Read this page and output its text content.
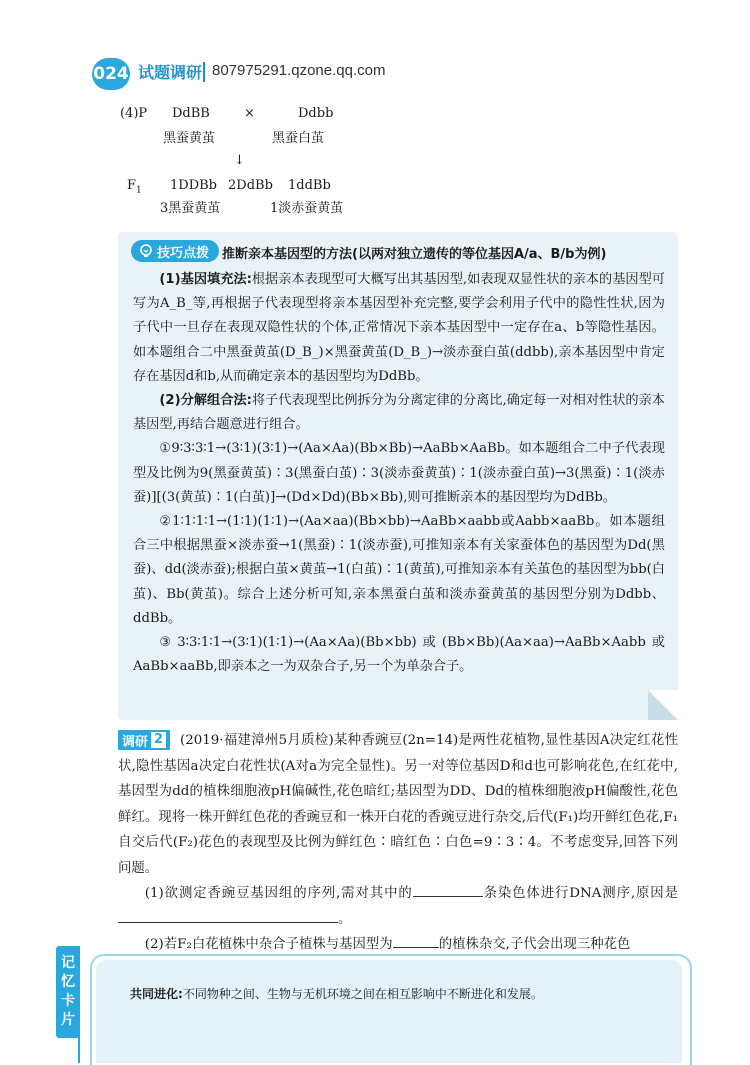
024 试题调研 807975291.qzone.qq.com
(4)P DdBB	×	Ddbb
黑蚕黄茧	黑蚕白茧
↓
$F_1$ 1DDBb 2DdBb 1ddBb
3黑蚕黄茧	1淡赤蚕黄茧
技巧点拨 推断亲本基因型的方法(以两对独立遗传的等位基因A/a、B/b为例)

(1)基因填充法:根据亲本表现型可大概写出其基因型,如表现双显性状的亲本的基因型可写为A_B_等,再根据子代表现型将亲本基因型补充完整,要学会利用子代中的隐性性状,因为子代中一旦存在表现双隐性状的个体,正常情况下亲本基因型中一定存在a、b等隐性基因。如本题组合二中黑蚕黄茧(D_B_)×黑蚕黄茧(D_B_)→淡赤蚕白茧(ddbb),亲本基因型中肯定存在基因d和b,从而确定亲本的基因型均为DdBb。

(2)分解组合法:将子代表现型比例拆分为分离定律的分离比,确定每一对相对性状的亲本基因型,再结合题意进行组合。

①9∶3∶3∶1→(3∶1)(3∶1)→(Aa×Aa)(Bb×Bb)→AaBb×AaBb。如本题组合二中子代表现型及比例为9(黑蚕黄茧)∶3(黑蚕白茧)∶3(淡赤蚕黄茧)∶1(淡赤蚕白茧)→3(黑蚕)∶1(淡赤蚕)][(3(黄茧)∶1(白茧)]→(Dd×Dd)(Bb×Bb),则可推断亲本的基因型均为DdBb。

②1∶1∶1∶1→(1∶1)(1∶1)→(Aa×aa)(Bb×bb)→AaBb×aabb或Aabb×aaBb。如本题组合三中根据黑蚕×淡赤蚕→1(黑蚕)∶1(淡赤蚕),可推知亲本有关家蚕体色的基因型为Dd(黑蚕)、dd(淡赤蚕);根据白茧×黄茧→1(白茧)∶1(黄茧),可推知亲本有关茧色的基因型为bb(白茧)、Bb(黄茧)。综合上述分析可知,亲本黑蚕白茧和淡赤蚕黄茧的基因型分别为Ddbb、ddBb。

③3∶3∶1∶1→(3∶1)(1∶1)→(Aa×Aa)(Bb×bb)或(Bb×Bb)(Aa×aa)→AaBb×Aabb或AaBb×aaBb,即亲本之一为双杂合子,另一个为单杂合子。

调研 2	(2019·福建漳州5月质检)某种香豌豆(2n=14)是两性花植物,显性基因A决定红花性状,隐性基因a决定白花性状(A对a为完全显性)。另一对等位基因D和d也可影响花色,在红花中,基因型为dd的植株细胞液pH偏碱性,花色暗红;基因型为DD、Dd的植株细胞液pH偏酸性,花色鲜红。现将一株开鲜红色花的香豌豆和一株开白花的香豌豆进行杂交,后代(F₁)均开鲜红色花,F₁自交后代(F₂)花色的表现型及比例为鲜红色∶暗红色∶白色=9∶3∶4。不考虑变异,回答下列问题。

(1)欲测定香豌豆基因组的序列,需对其中的	条染色体进行DNA测序,原因是。

(2)若F₂白花植株中杂合子植株与基因型为	的植株杂交,子代会出现三种花色

记
忆
卡
片
共同进化:不同物种之间、生物与无机环境之间在相互影响中不断进化和发展。
